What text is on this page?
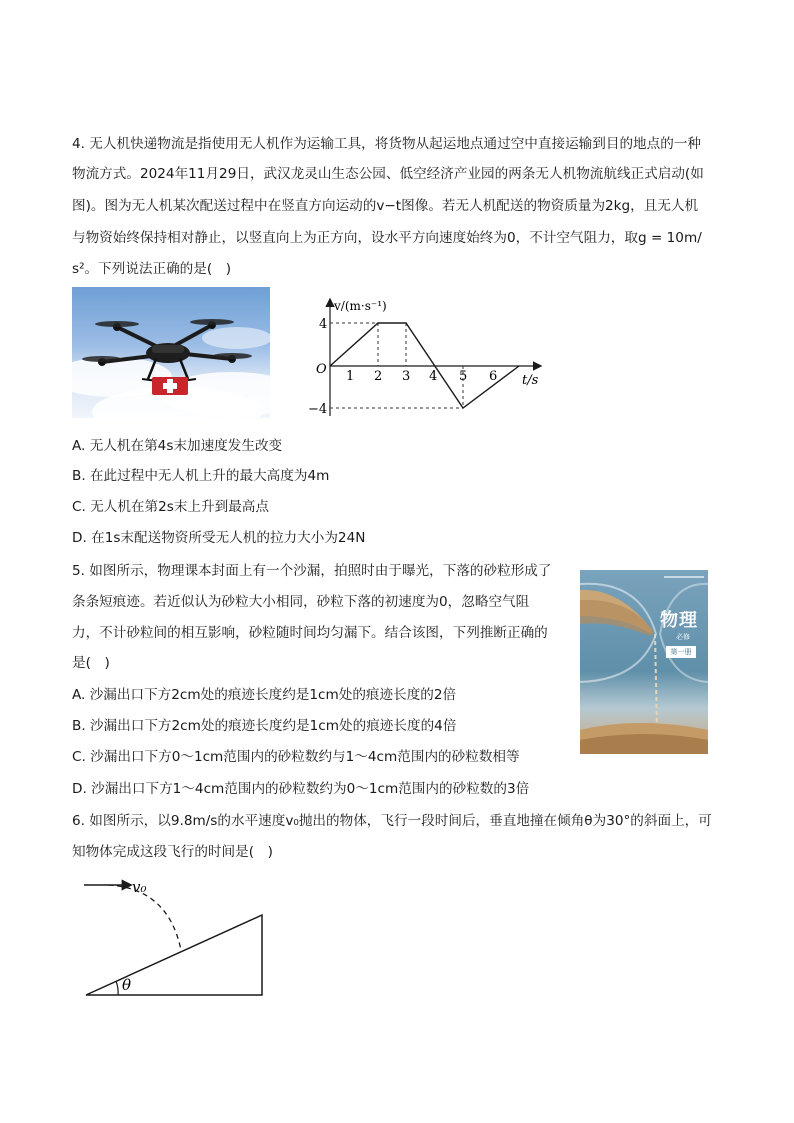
4. 无人机快递物流是指使用无人机作为运输工具，将货物从起运地点通过空中直接运输到目的地点的一种
物流方式。2024年11月29日，武汉龙灵山生态公园、低空经济产业园的两条无人机物流航线正式启动(如
图)。图为无人机某次配送过程中在竖直方向运动的v−t图像。若无人机配送的物资质量为2kg，且无人机
与物资始终保持相对静止，以竖直向上为正方向，设水平方向速度始终为0，不计空气阻力，取g = 10m/
s²。下列说法正确的是(　)
v/(m·s⁻¹)
t/s
O
4
−4
1 2 3 4 5 6
A. 无人机在第4s末加速度发生改变
B. 在此过程中无人机上升的最大高度为4m
C. 无人机在第2s末上升到最高点
D. 在1s末配送物资所受无人机的拉力大小为24N
5. 如图所示，物理课本封面上有一个沙漏，拍照时由于曝光，下落的砂粒形成了
条条短痕迹。若近似认为砂粒大小相同，砂粒下落的初速度为0，忽略空气阻
力，不计砂粒间的相互影响，砂粒随时间均匀漏下。结合该图，下列推断正确的
是(　)
物理
必修
第一册
A. 沙漏出口下方2cm处的痕迹长度约是1cm处的痕迹长度的2倍
B. 沙漏出口下方2cm处的痕迹长度约是1cm处的痕迹长度的4倍
C. 沙漏出口下方0～1cm范围内的砂粒数约与1～4cm范围内的砂粒数相等
D. 沙漏出口下方1～4cm范围内的砂粒数约为0～1cm范围内的砂粒数的3倍
6. 如图所示，以9.8m/s的水平速度v₀抛出的物体，飞行一段时间后，垂直地撞在倾角θ为30°的斜面上，可
知物体完成这段飞行的时间是(　)
v₀
θ
